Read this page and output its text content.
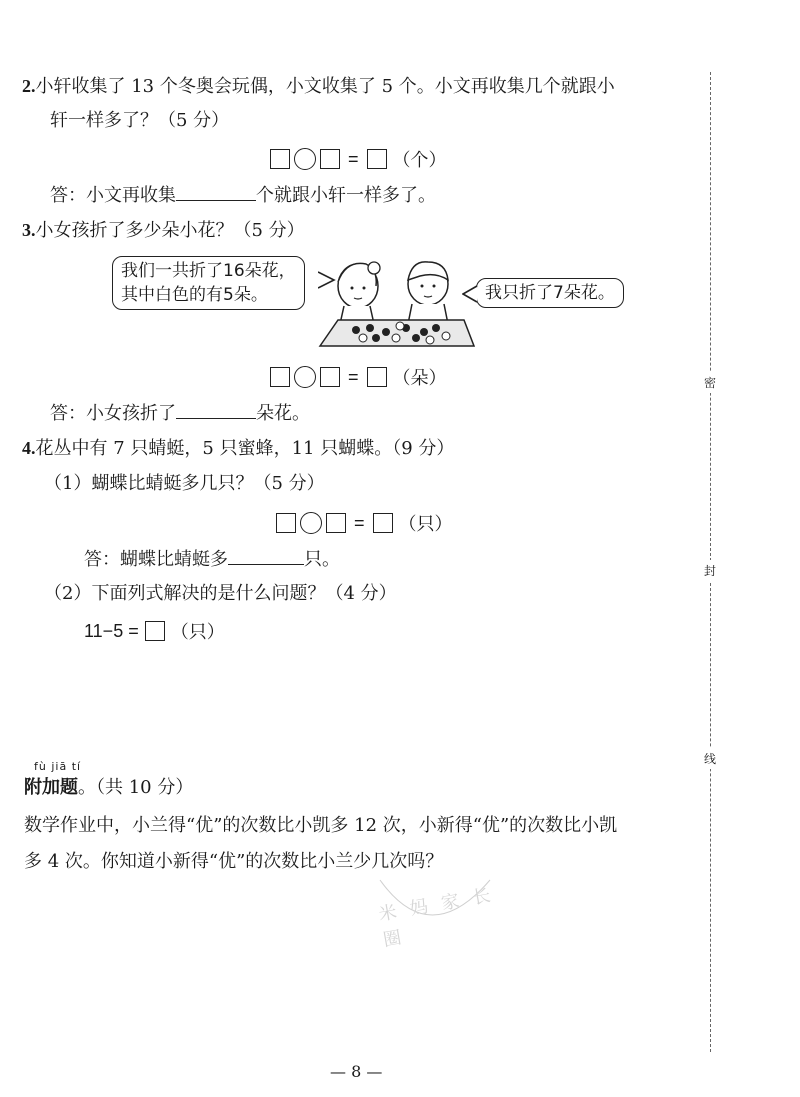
密
封
线
2.小轩收集了 13 个冬奥会玩偶，小文收集了 5 个。小文再收集几个就跟小
轩一样多了？（5 分）
= （个）
答：小文再收集	个就跟小轩一样多了。
3.小女孩折了多少朵小花？（5 分）
我们一共折了16朵花，
其中白色的有5朵。	我只折了7朵花。
= （朵）
答：小女孩折了	朵花。
4.花丛中有 7 只蜻蜓，5 只蜜蜂，11 只蝴蝶。（9 分）
（1）蝴蝶比蜻蜓多几只？（5 分）
= （只）
答：蝴蝶比蜻蜓多	只。
（2）下面列式解决的是什么问题？（4 分）
11−5 = （只）
fù jiā tí
附加题。（共 10 分）
数学作业中，小兰得“优”的次数比小凯多 12 次，小新得“优”的次数比小凯
多 4 次。你知道小新得“优”的次数比小兰少几次吗？
米 妈 家 长 圈
— 8 —
